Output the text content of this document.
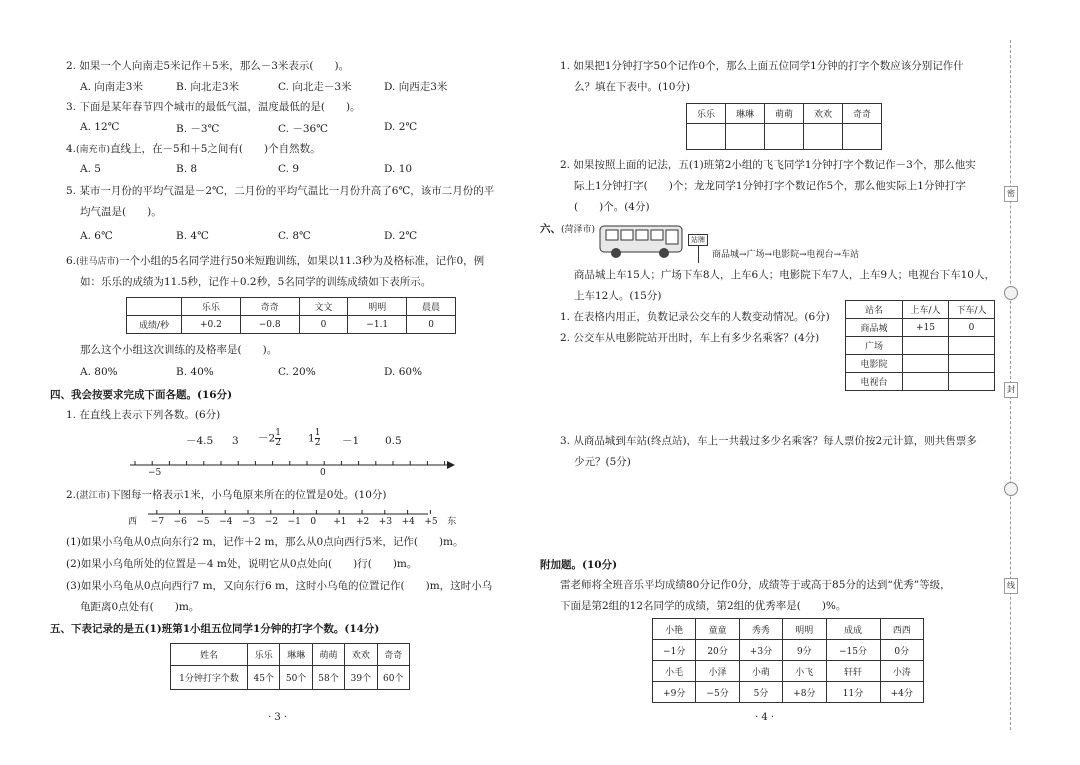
2. 如果一个人向南走5米记作＋5米，那么－3米表示(　　)。
A. 向南走3米	B. 向北走3米	C. 向北走－3米	D. 向西走3米
3. 下面是某年春节四个城市的最低气温，温度最低的是(　　)。
A. 12℃	B. －3℃	C. －36℃	D. 2℃
4.(南充市)直线上，在－5和＋5之间有(　　)个自然数。
A. 5	B. 8	C. 9	D. 10
5. 某市一月份的平均气温是－2℃，二月份的平均气温比一月份升高了6℃，该市二月份的平
均气温是(　　)。
A. 6℃	B. 4℃	C. 8℃	D. 2℃
6.(驻马店市)一个小组的5名同学进行50米短跑训练，如果以11.3秒为及格标准，记作0，例
如：乐乐的成绩为11.5秒，记作＋0.2秒，5名同学的训练成绩如下表所示。
	乐乐	奇奇	文文	明明	晨晨
成绩/秒	+0.2	−0.8	0	−1.1	0
那么这个小组这次训练的及格率是(　　)。
A. 80%	B. 40%	C. 20%	D. 60%
四、我会按要求完成下面各题。(16分)
1. 在直线上表示下列各数。(6分)
－4.5 $3 -2 \frac{1}{2}$	$1 \frac{1}{2} -1$ 0.5
−5	0
2.(湛江市)下图每一格表示1米，小乌龟原来所在的位置是0处。(10分)
西 −7 −6 −5 −4 −3 −2 −1 0 +1 +2 +3 +4 +5 东
(1)如果小乌龟从0点向东行2 m，记作＋2 m，那么从0点向西行5米，记作(　　)m。
(2)如果小乌龟所处的位置是－4 m处，说明它从0点处向(　　)行(　　)m。
(3)如果小乌龟从0点向西行7 m，又向东行6 m，这时小乌龟的位置记作(　　)m，这时小乌
龟距离0点处有(　　)m。
五、下表记录的是五(1)班第1小组五位同学1分钟的打字个数。(14分)
姓名	乐乐	琳琳	萌萌	欢欢	奇奇
1分钟打字个数	45个	50个	58个	39个	60个
· 3 ·
1. 如果把1分钟打字50个记作0个，那么上面五位同学1分钟的打字个数应该分别记作什
么？填在下表中。(10分)
乐乐	琳琳	萌萌	欢欢	奇奇

2. 如果按照上面的记法，五(1)班第2小组的飞飞同学1分钟打字个数记作－3个，那么他实
际上1分钟打字(　　)个；龙龙同学1分钟打字个数记作5个，那么他实际上1分钟打字
(　　)个。(4分)
六、(菏泽市)
站牌
商品城→广场→电影院→电视台→车站
商品城上车15人；广场下车8人，上车6人；电影院下车7人，上车9人；电视台下车10人，
上车12人。(15分)
1. 在表格内用正，负数记录公交车的人数变动情况。(6分)
2. 公交车从电影院站开出时，车上有多少名乘客？(4分)
站名	上车/人	下车/人
商品城	+15	0
广场		
电影院		
电视台		
3. 从商品城到车站(终点站)，车上一共载过多少名乘客？每人票价按2元计算，则共售票多
少元？(5分)
附加题。(10分)
雷老师将全班音乐平均成绩80分记作0分，成绩等于或高于85分的达到“优秀”等级，
下面是第2组的12名同学的成绩，第2组的优秀率是(　　)%。
小艳	童童	秀秀	明明	成成	西西
−1分	20分	+3分	9分	−15分	0分
小毛	小泽	小萌	小飞	轩轩	小涛
+9分	−5分	5分	+8分	11分	+4分
· 4 ·
密
封
线
